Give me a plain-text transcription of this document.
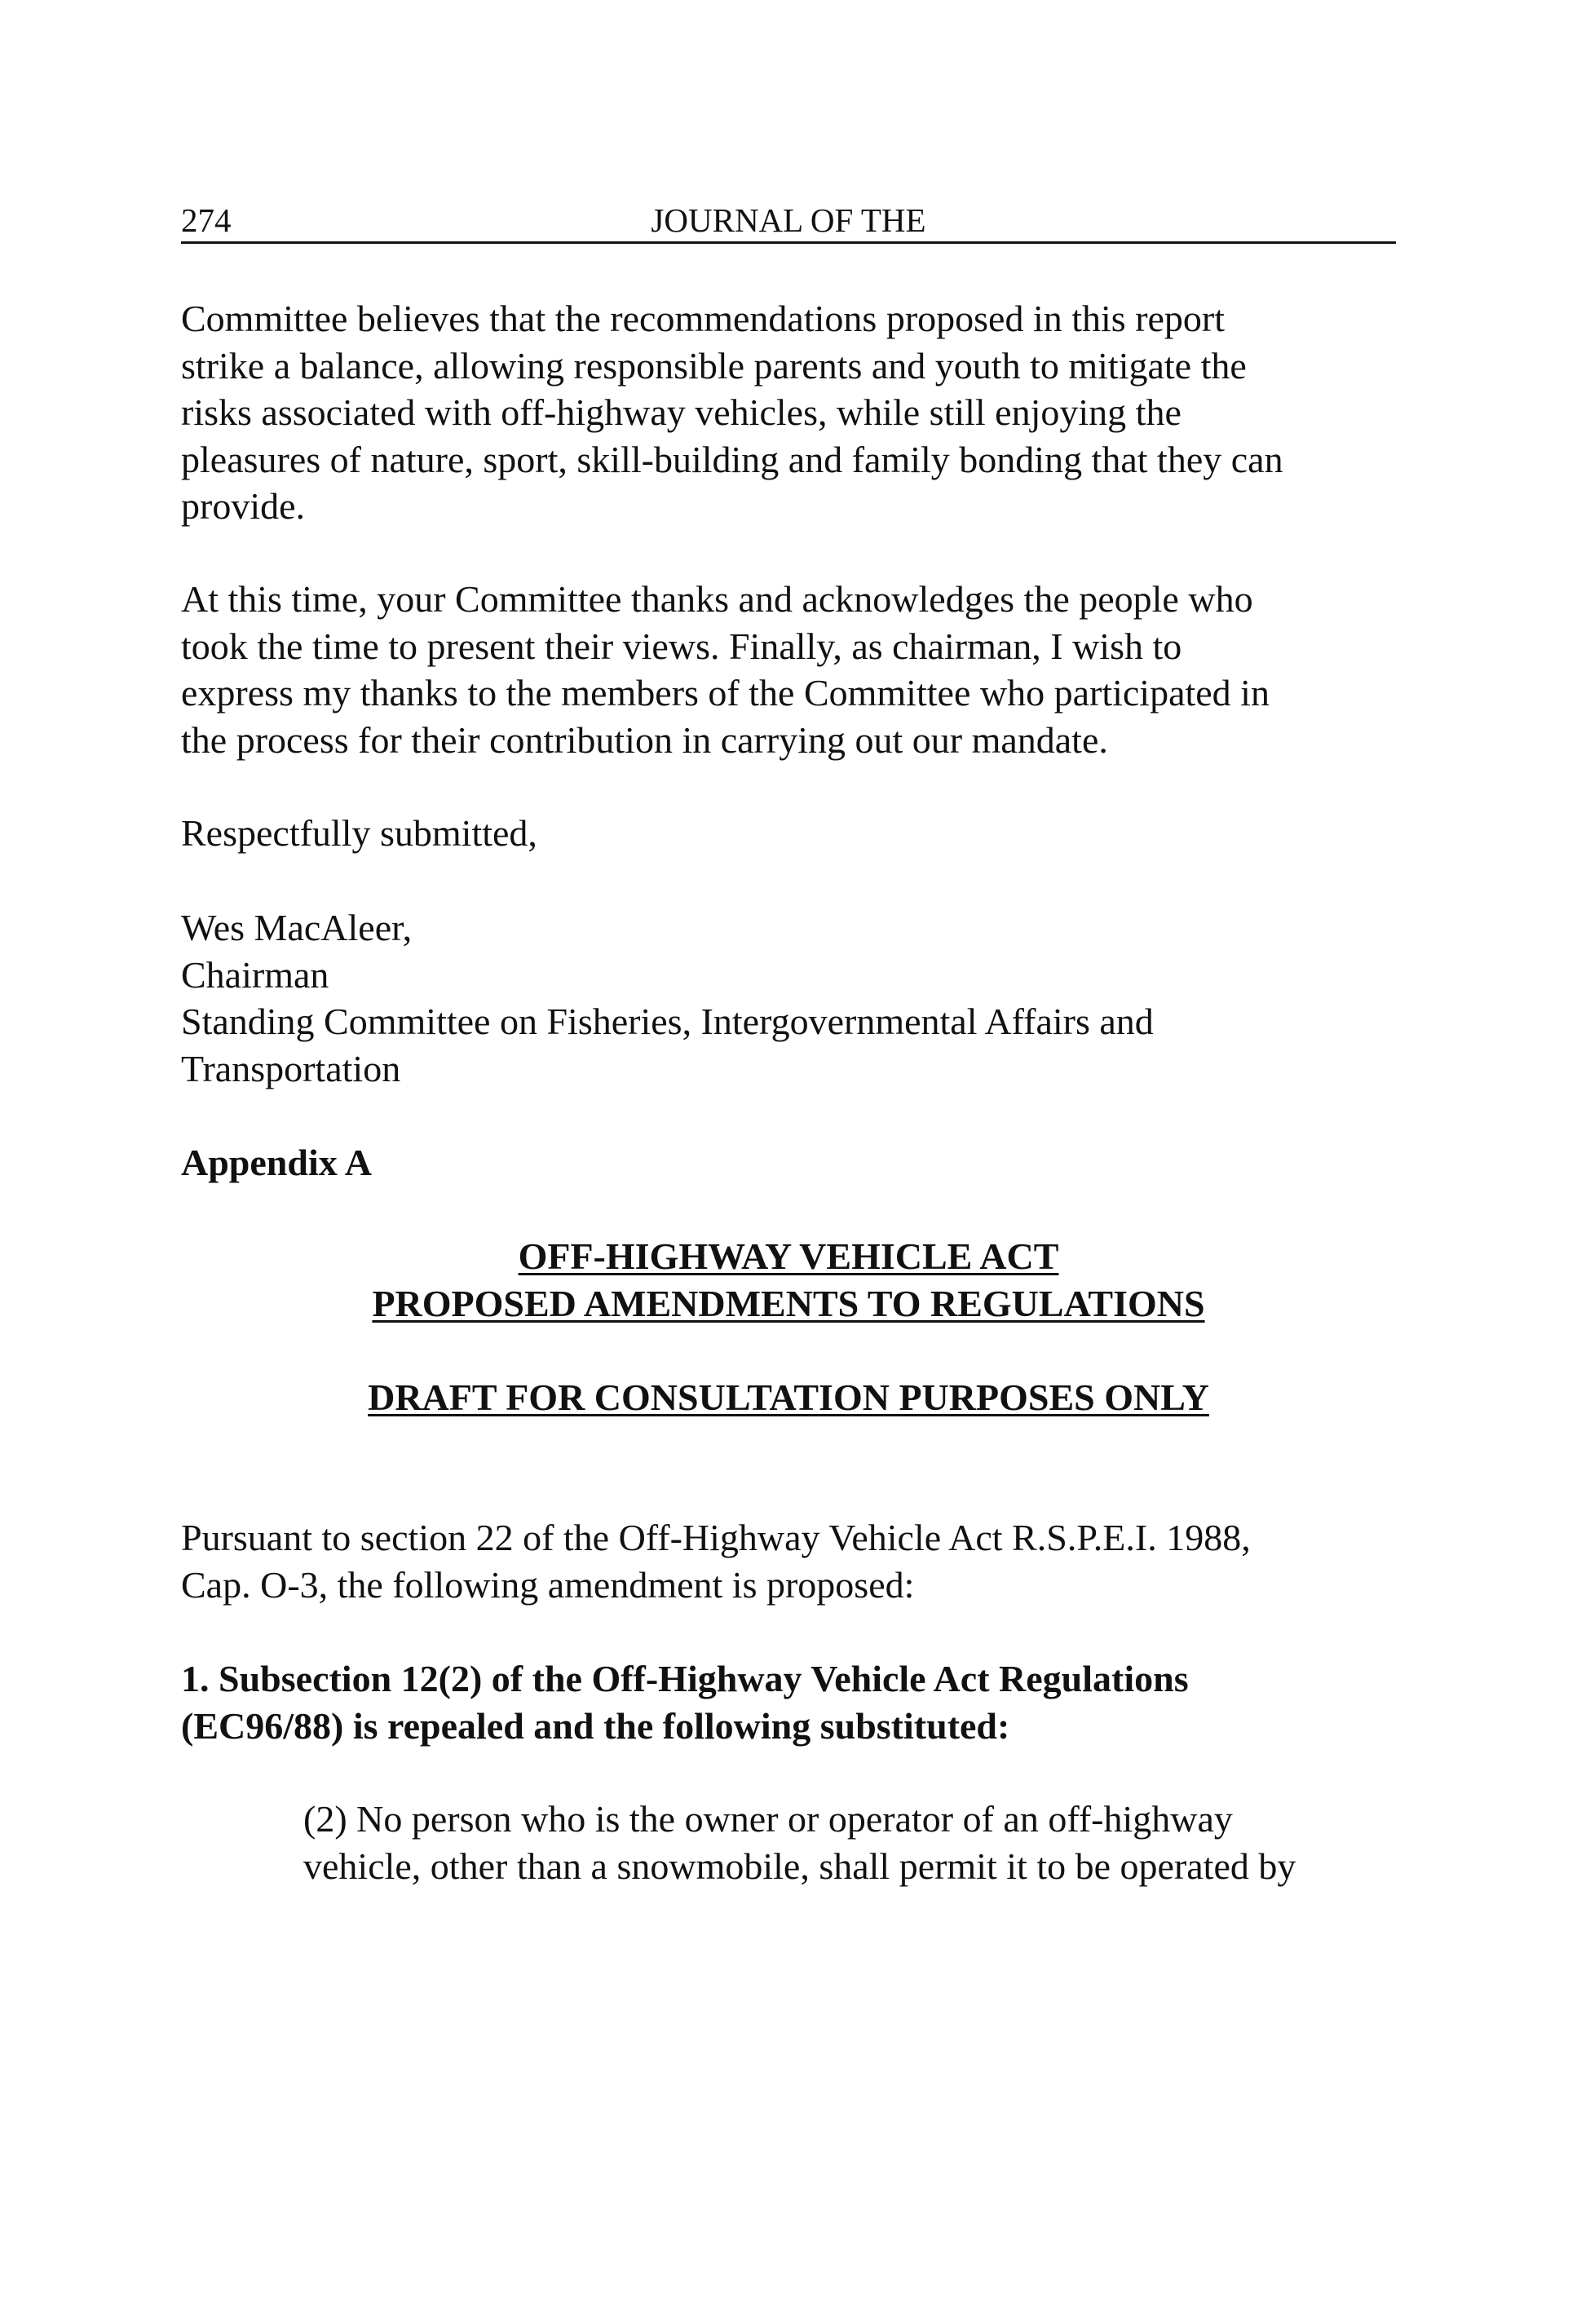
274	JOURNAL OF THE

Committee believes that the recommendations proposed in this report
strike a balance, allowing responsible parents and youth to mitigate the
risks associated with off-highway vehicles, while still enjoying the
pleasures of nature, sport, skill-building and family bonding that they can
provide.

At this time, your Committee thanks and acknowledges the people who
took the time to present their views. Finally, as chairman, I wish to
express my thanks to the members of the Committee who participated in
the process for their contribution in carrying out our mandate.

Respectfully submitted,

Wes MacAleer,
Chairman
Standing Committee on Fisheries, Intergovernmental Affairs and
Transportation

Appendix A

OFF-HIGHWAY VEHICLE ACT
PROPOSED AMENDMENTS TO REGULATIONS
DRAFT FOR CONSULTATION PURPOSES ONLY

Pursuant to section 22 of the Off-Highway Vehicle Act R.S.P.E.I. 1988,
Cap. O-3, the following amendment is proposed:

1. Subsection 12(2) of the Off-Highway Vehicle Act Regulations
(EC96/88) is repealed and the following substituted:

(2) No person who is the owner or operator of an off-highway
vehicle, other than a snowmobile, shall permit it to be operated by
